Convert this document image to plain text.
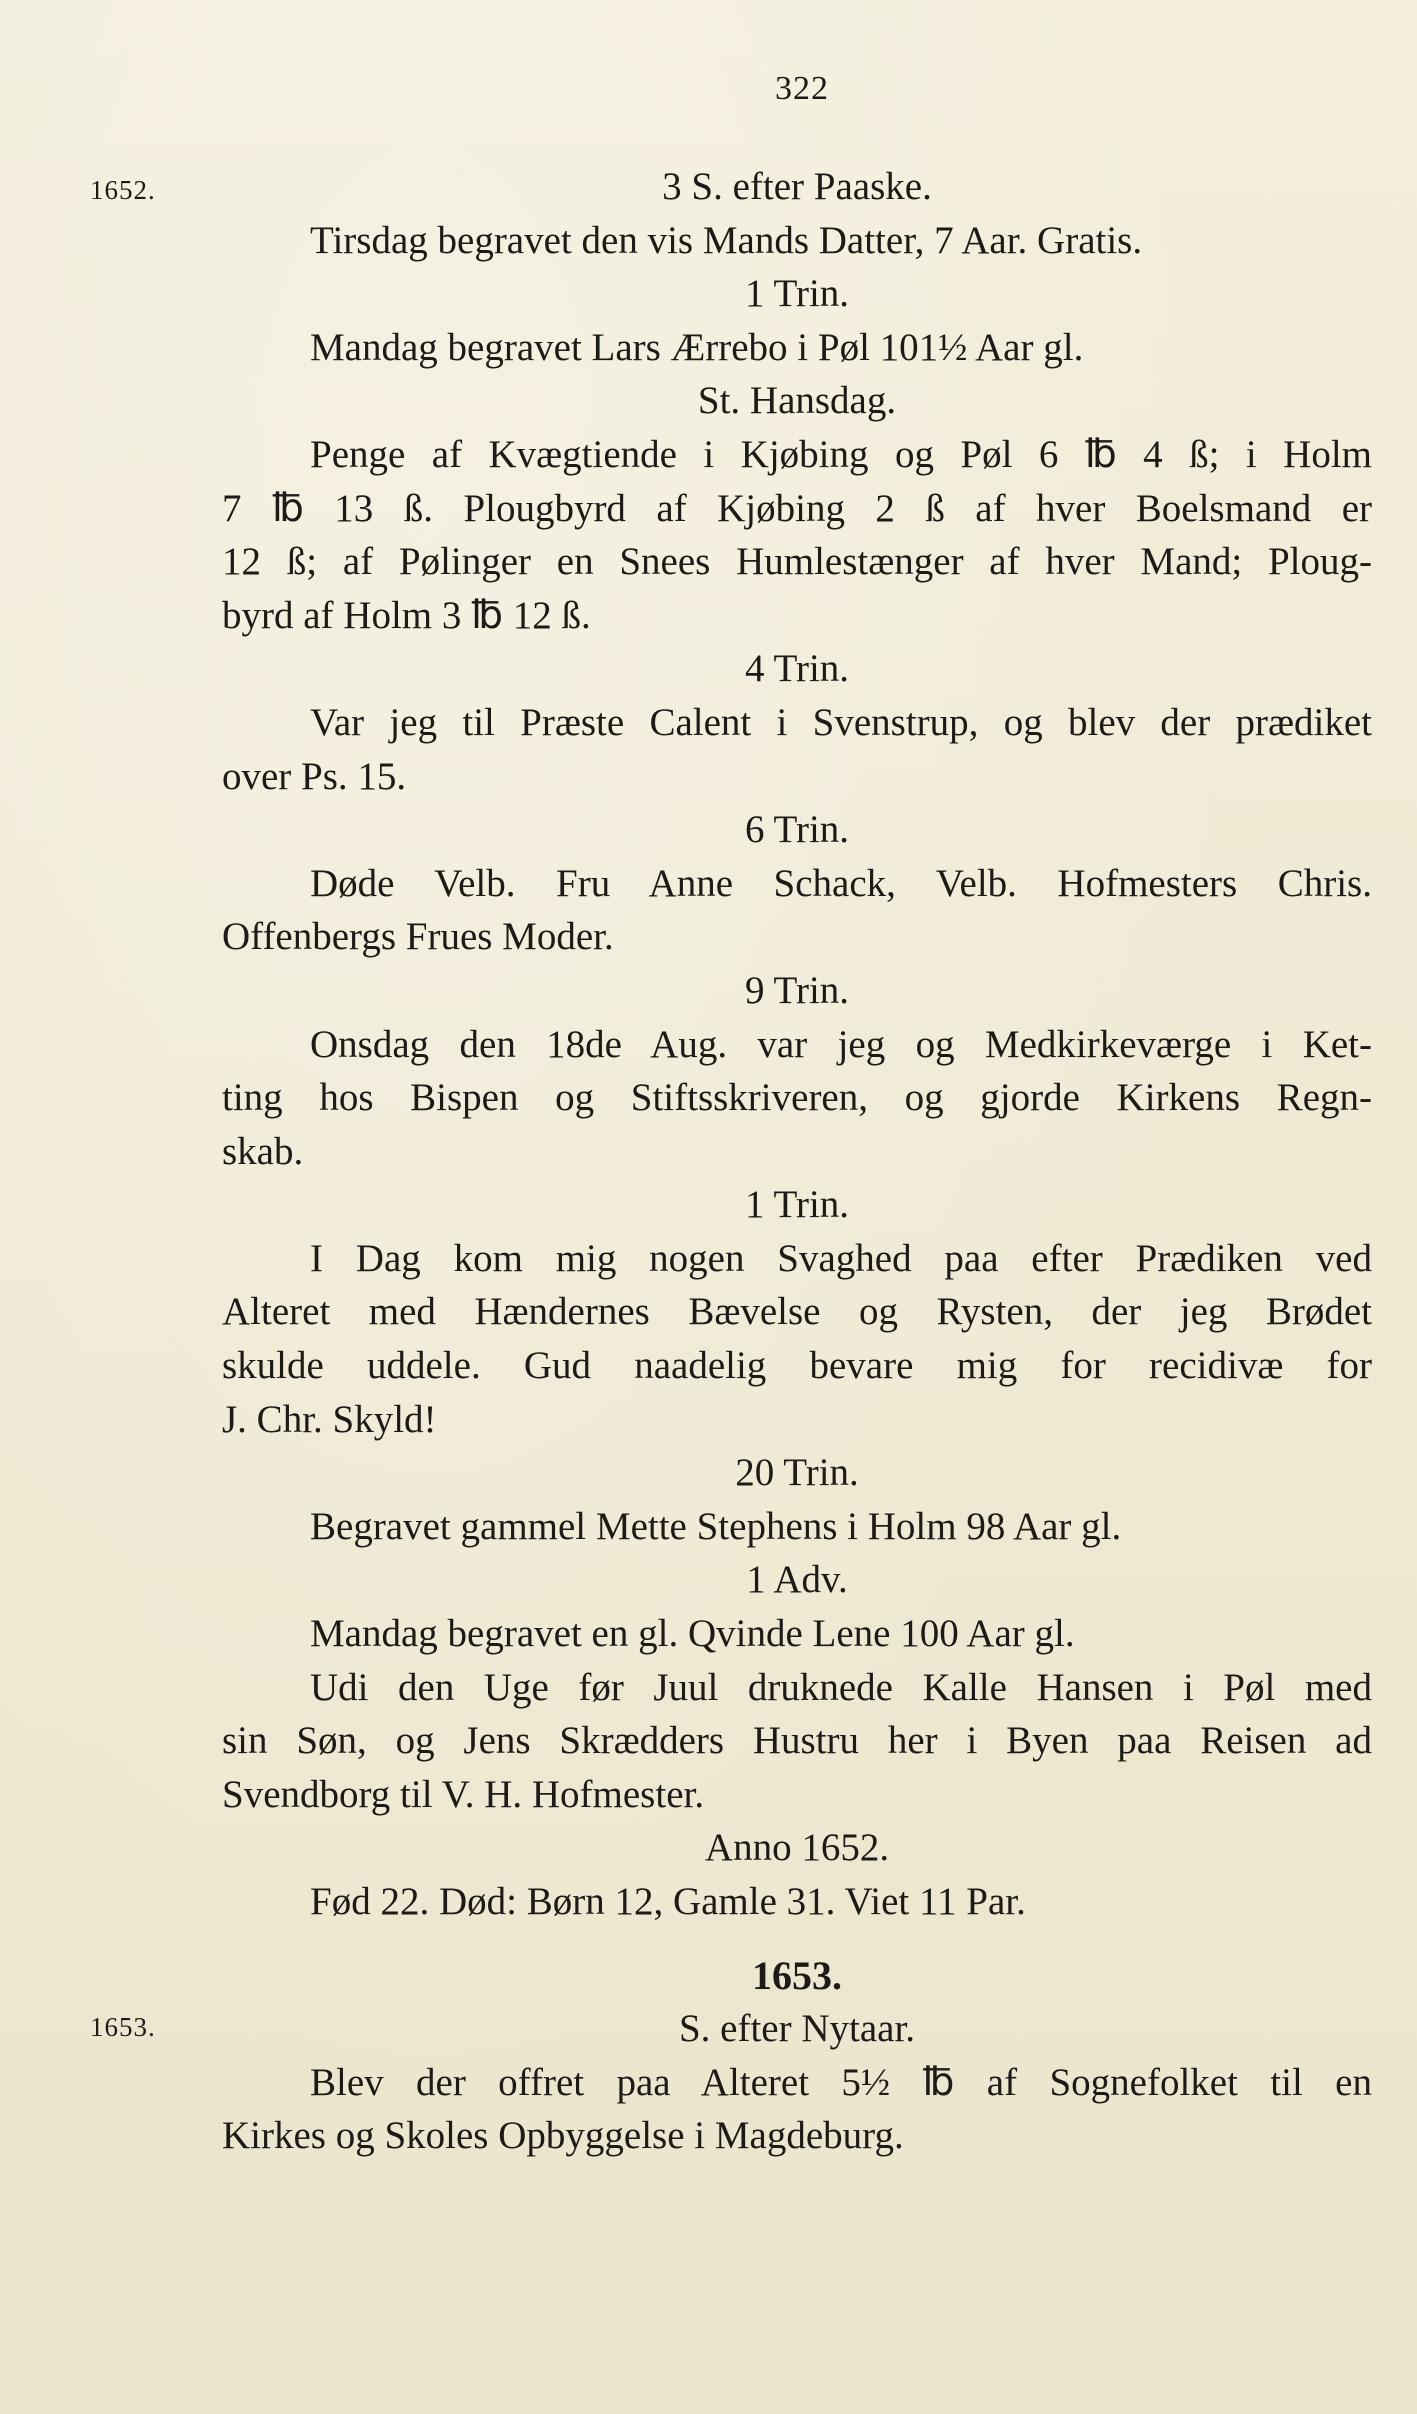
322
1652.
1653.
3 S. efter Paaske.
Tirsdag begravet den vis Mands Datter, 7 Aar. Gratis.
1 Trin.
Mandag begravet Lars Ærrebo i Pøl 101½ Aar gl.
St. Hansdag.
Penge af Kvægtiende i Kjøbing og Pøl 6 ℔ 4 ß; i Holm
7 ℔ 13 ß. Plougbyrd af Kjøbing 2 ß af hver Boelsmand er
12 ß; af Pølinger en Snees Humlestænger af hver Mand; Ploug-
byrd af Holm 3 ℔ 12 ß.
4 Trin.
Var jeg til Præste Calent i Svenstrup, og blev der prædiket
over Ps. 15.
6 Trin.
Døde Velb. Fru Anne Schack, Velb. Hofmesters Chris.
Offenbergs Frues Moder.
9 Trin.
Onsdag den 18de Aug. var jeg og Medkirkeværge i Ket-
ting hos Bispen og Stiftsskriveren, og gjorde Kirkens Regn-
skab.
1 Trin.
I Dag kom mig nogen Svaghed paa efter Prædiken ved
Alteret med Hændernes Bævelse og Rysten, der jeg Brødet
skulde uddele. Gud naadelig bevare mig for recidivæ for
J. Chr. Skyld!
20 Trin.
Begravet gammel Mette Stephens i Holm 98 Aar gl.
1 Adv.
Mandag begravet en gl. Qvinde Lene 100 Aar gl.
Udi den Uge før Juul druknede Kalle Hansen i Pøl med
sin Søn, og Jens Skrædders Hustru her i Byen paa Reisen ad
Svendborg til V. H. Hofmester.
Anno 1652.
Fød 22. Død: Børn 12, Gamle 31. Viet 11 Par.
1653.
S. efter Nytaar.
Blev der offret paa Alteret 5½ ℔ af Sognefolket til en
Kirkes og Skoles Opbyggelse i Magdeburg.
